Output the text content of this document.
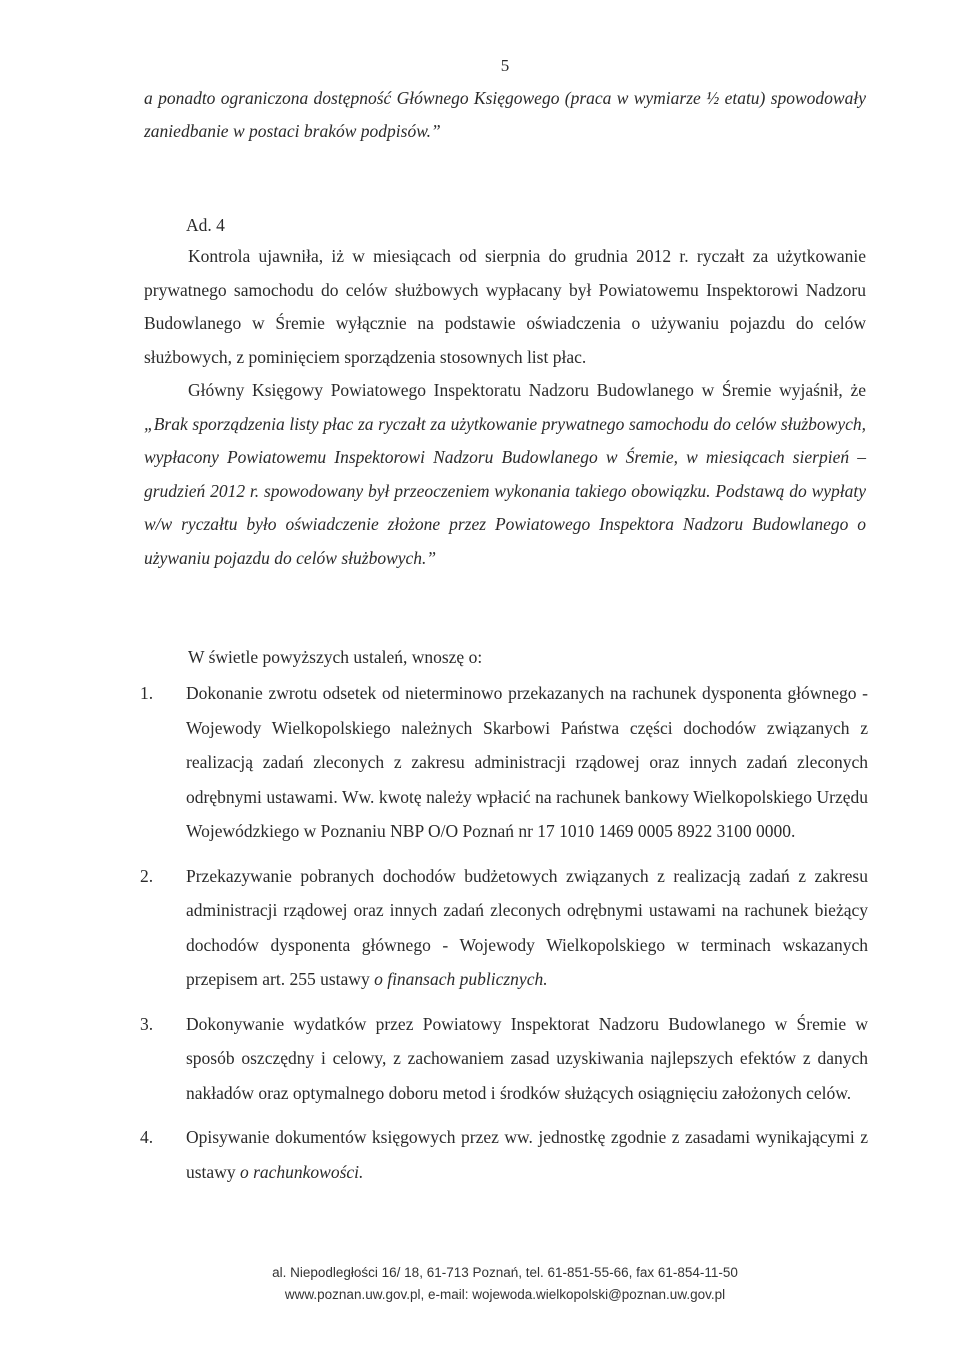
5
a ponadto ograniczona dostępność Głównego Księgowego (praca w wymiarze ½ etatu) spowodowały zaniedbanie w postaci braków podpisów.”
Ad. 4

Kontrola ujawniła, iż w miesiącach od sierpnia do grudnia 2012 r. ryczałt za użytkowanie prywatnego samochodu do celów służbowych wypłacany był Powiatowemu Inspektorowi Nadzoru Budowlanego w Śremie wyłącznie na podstawie oświadczenia o używaniu pojazdu do celów służbowych, z pominięciem sporządzenia stosownych list płac.

Główny Księgowy Powiatowego Inspektoratu Nadzoru Budowlanego w Śremie wyjaśnił, że „Brak sporządzenia listy płac za ryczałt za użytkowanie prywatnego samochodu do celów służbowych, wypłacony Powiatowemu Inspektorowi Nadzoru Budowlanego w Śremie, w miesiącach sierpień – grudzień 2012 r. spowodowany był przeoczeniem wykonania takiego obowiązku. Podstawą do wypłaty w/w ryczałtu było oświadczenie złożone przez Powiatowego Inspektora Nadzoru Budowlanego o używaniu pojazdu do celów służbowych.”

W świetle powyższych ustaleń, wnoszę o:
1. Dokonanie zwrotu odsetek od nieterminowo przekazanych na rachunek dysponenta głównego - Wojewody Wielkopolskiego należnych Skarbowi Państwa części dochodów związanych z realizacją zadań zleconych z zakresu administracji rządowej oraz innych zadań zleconych odrębnymi ustawami. Ww. kwotę należy wpłacić na rachunek bankowy Wielkopolskiego Urzędu Wojewódzkiego w Poznaniu NBP O/O Poznań nr 17 1010 1469 0005 8922 3100 0000.
2. Przekazywanie pobranych dochodów budżetowych związanych z realizacją zadań z zakresu administracji rządowej oraz innych zadań zleconych odrębnymi ustawami na rachunek bieżący dochodów dysponenta głównego - Wojewody Wielkopolskiego w terminach wskazanych przepisem art. 255 ustawy o finansach publicznych.
3. Dokonywanie wydatków przez Powiatowy Inspektorat Nadzoru Budowlanego w Śremie w sposób oszczędny i celowy, z zachowaniem zasad uzyskiwania najlepszych efektów z danych nakładów oraz optymalnego doboru metod i środków służących osiągnięciu założonych celów.
4. Opisywanie dokumentów księgowych przez ww. jednostkę zgodnie z zasadami wynikającymi z ustawy o rachunkowości.
al. Niepodległości 16/ 18, 61-713 Poznań, tel. 61-851-55-66, fax 61-854-11-50
www.poznan.uw.gov.pl, e-mail: wojewoda.wielkopolski@poznan.uw.gov.pl
